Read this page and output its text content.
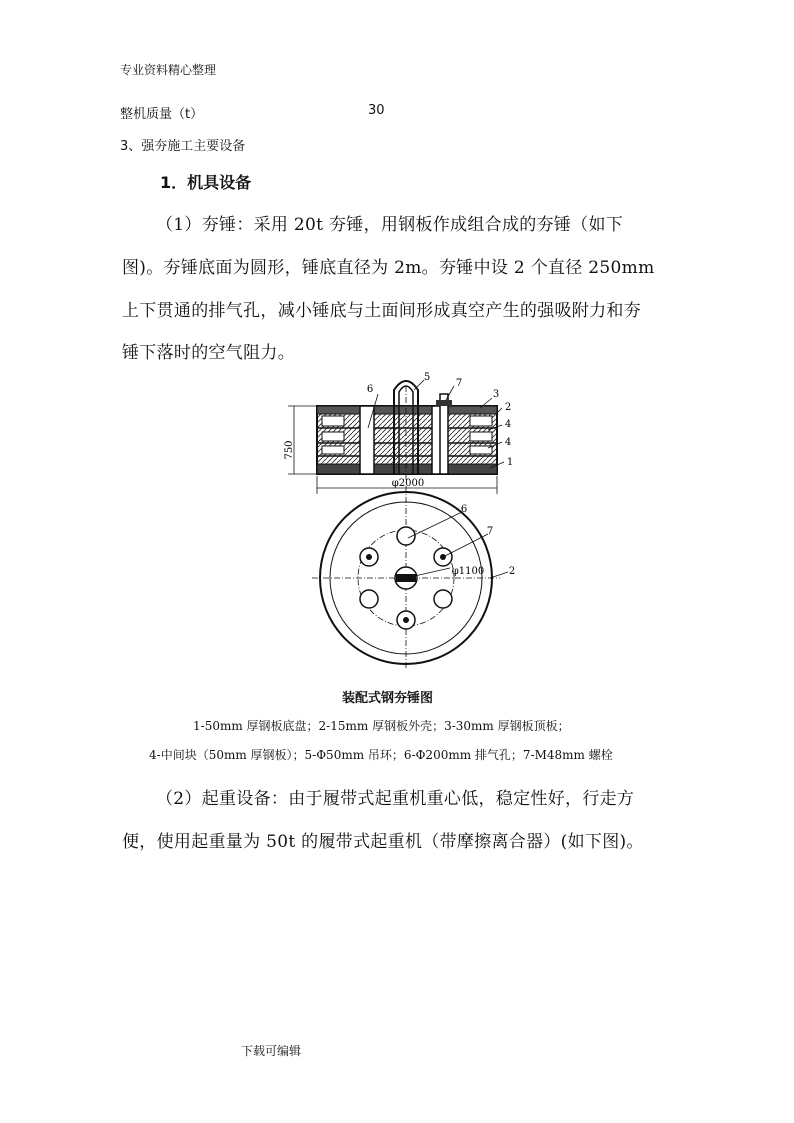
专业资料精心整理
整机质量（t）	30
3、强夯施工主要设备
1．机具设备
（1）夯锤：采用 20t 夯锤，用钢板作成组合成的夯锤（如下
图)。夯锤底面为圆形，锤底直径为 2m。夯锤中设 2 个直径 250mm
上下贯通的排气孔，减小锤底与土面间形成真空产生的强吸附力和夯
锤下落时的空气阻力。
6
5
7
3
2
4
4
1
750
φ2000
6
7
2
φ1100
装配式钢夯锤图
1-50mm 厚钢板底盘；2-15mm 厚钢板外壳；3-30mm 厚钢板顶板；
4-中间块（50mm 厚钢板）；5-Φ50mm 吊环；6-Φ200mm 排气孔；7-M48mm 螺栓
（2）起重设备：由于履带式起重机重心低，稳定性好，行走方
便，使用起重量为 50t 的履带式起重机（带摩擦离合器）(如下图)。
下载可编辑
